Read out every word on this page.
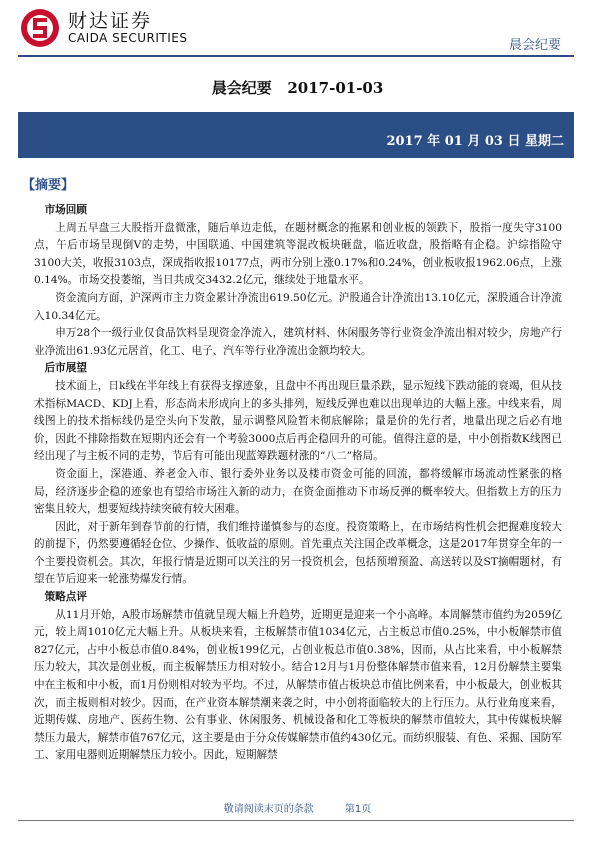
财达证券
CAIDA SECURITIES	晨会纪要
晨会纪要   2017-01-03
2017 年 01 月 03 日 星期二
【摘要】

市场回顾

上周五早盘三大股指开盘微涨，随后单边走低，在题材概念的拖累和创业板的领跌下，股指一度失守3100点，午后市场呈现倒V的走势，中国联通、中国建筑等混改板块砸盘，临近收盘，股指略有企稳。沪综指险守3100大关，收报3103点，深成指收报10177点，两市分别上涨0.17%和0.24%，创业板收报1962.06点，上涨0.14%。市场交投萎缩，当日共成交3432.2亿元，继续处于地量水平。

资金流向方面，沪深两市主力资金累计净流出619.50亿元。沪股通合计净流出13.10亿元，深股通合计净流入10.34亿元。

申万28个一级行业仅食品饮料呈现资金净流入，建筑材料、休闲服务等行业资金净流出相对较少，房地产行业净流出61.93亿元居首，化工、电子、汽车等行业净流出金额均较大。

后市展望

技术面上，日k线在半年线上有获得支撑迹象，且盘中不再出现巨量杀跌，显示短线下跌动能的衰竭，但从技术指标MACD、KDJ上看，形态尚未形成向上的多头排列，短线反弹也难以出现单边的大幅上涨。中线来看，周线图上的技术指标线仍是空头向下发散，显示调整风险暂未彻底解除；量是价的先行者，地量出现之后必有地价，因此不排除指数在短期内还会有一个考验3000点后再企稳回升的可能。值得注意的是，中小创指数K线图已经出现了与主板不同的走势，节后有可能出现蓝筹跌题材涨的“八二”格局。

资金面上，深港通、养老金入市、银行委外业务以及楼市资金可能的回流，都将缓解市场流动性紧张的格局，经济逐步企稳的迹象也有望给市场注入新的动力，在资金面推动下市场反弹的概率较大。但指数上方的压力密集且较大，想要短线持续突破有较大困难。

因此，对于新年到春节前的行情，我们维持谨慎参与的态度。投资策略上，在市场结构性机会把握难度较大的前提下，仍然要遵循轻仓位、少操作、低收益的原则。首先重点关注国企改革概念，这是2017年贯穿全年的一个主要投资机会。其次，年报行情是近期可以关注的另一投资机会，包括预增预盈、高送转以及ST摘帽题材，有望在节后迎来一轮涨势爆发行情。

策略点评

从11月开始，A股市场解禁市值就呈现大幅上升趋势，近期更是迎来一个小高峰。本周解禁市值约为2059亿元，较上周1010亿元大幅上升。从板块来看，主板解禁市值1034亿元，占主板总市值0.25%，中小板解禁市值827亿元，占中小板总市值0.84%，创业板199亿元，占创业板总市值0.38%，因而，从占比来看，中小板解禁压力较大，其次是创业板，而主板解禁压力相对较小。结合12月与1月份整体解禁市值来看，12月份解禁主要集中在主板和中小板，而1月份则相对较为平均。不过，从解禁市值占板块总市值比例来看，中小板最大，创业板其次，而主板则相对较少。因而，在产业资本解禁潮来袭之时，中小创将面临较大的上行压力。从行业角度来看，近期传媒、房地产、医药生物、公有事业、休闲服务、机械设备和化工等板块的解禁市值较大，其中传媒板块解禁压力最大，解禁市值767亿元，这主要是由于分众传媒解禁市值约430亿元。而纺织服装、有色、采掘、国防军工、家用电器则近期解禁压力较小。因此，短期解禁

敬请阅读末页的条款	第1页
